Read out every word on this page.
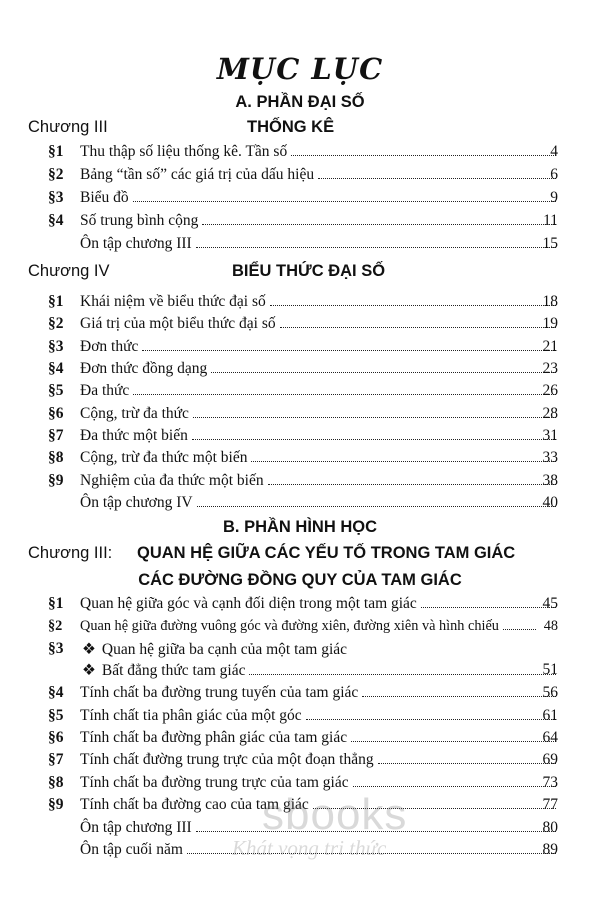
MỤC LỤC
A. PHẦN ĐẠI SỐ
Chương III	THỐNG KÊ
§1 Thu thập số liệu thống kê. Tần số	4
§2 Bảng “tần số” các giá trị của dấu hiệu	6
§3 Biểu đồ	9
§4 Số trung bình cộng	11
Ôn tập chương III	15
Chương IV	BIỂU THỨC ĐẠI SỐ
§1 Khái niệm về biểu thức đại số	18
§2 Giá trị của một biểu thức đại số	19
§3 Đơn thức	21
§4 Đơn thức đồng dạng	23
§5 Đa thức	26
§6 Cộng, trừ đa thức	28
§7 Đa thức một biến	31
§8 Cộng, trừ đa thức một biến	33
§9 Nghiệm của đa thức một biến	38
Ôn tập chương IV	40
B. PHẦN HÌNH HỌC
Chương III: QUAN HỆ GIỮA CÁC YẾU TỐ TRONG TAM GIÁC
CÁC ĐƯỜNG ĐỒNG QUY CỦA TAM GIÁC
§1 Quan hệ giữa góc và cạnh đối diện trong một tam giác	45
§2 Quan hệ giữa đường vuông góc và đường xiên, đường xiên và hình chiếu	48
§3 ❖ Quan hệ giữa ba cạnh của một tam giác
❖ Bất đẳng thức tam giác	51
§4 Tính chất ba đường trung tuyến của tam giác	56
§5 Tính chất tia phân giác của một góc	61
§6 Tính chất ba đường phân giác của tam giác	64
§7 Tính chất đường trung trực của một đoạn thẳng	69
§8 Tính chất ba đường trung trực của tam giác	73
§9 Tính chất ba đường cao của tam giác	77
Ôn tập chương III	80
Ôn tập cuối năm	89
sbooks
Khát vọng tri thức
